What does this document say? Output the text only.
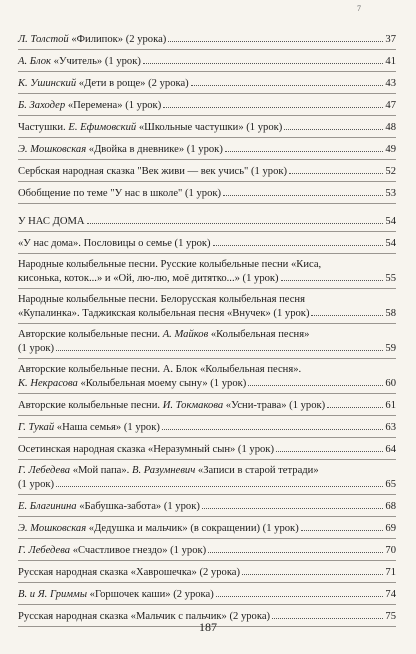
7
Л. Толстой «Филипок» (2 урока)	37
А. Блок «Учитель» (1 урок)	41
К. Ушинский «Дети в роще» (2 урока)	43
Б. Заходер «Перемена» (1 урок)	47
Частушки. Е. Ефимовский «Школьные частушки» (1 урок)	48
Э. Мошковская «Двойка в дневнике» (1 урок)	49
Сербская народная сказка "Век живи — век учись" (1 урок)	52
Обобщение по теме "У нас в школе" (1 урок)	53
У НАС ДОМА	54
«У нас дома». Пословицы о семье (1 урок)	54
Народные колыбельные песни. Русские колыбельные песни «Киса,
кисонька, коток...» и «Ой, лю-лю, моё дитятко...» (1 урок)	55
Народные колыбельные песни. Белорусская колыбельная песня
«Купалинка». Таджикская колыбельная песня «Внучек» (1 урок)	58
Авторские колыбельные песни. А. Майков «Колыбельная песня»
(1 урок)	59
Авторские колыбельные песни. А. Блок «Колыбельная песня».
К. Некрасова «Колыбельная моему сыну» (1 урок)	60
Авторские колыбельные песни. И. Токмакова «Усни-трава» (1 урок)	61
Г. Тукай «Наша семья» (1 урок)	63
Осетинская народная сказка «Неразумный сын» (1 урок)	64
Г. Лебедева «Мой папа». В. Разумневич «Записи в старой тетради»
(1 урок)	65
Е. Благинина «Бабушка-забота» (1 урок)	68
Э. Мошковская «Дедушка и мальчик» (в сокращении) (1 урок)	69
Г. Лебедева «Счастливое гнездо» (1 урок)	70
Русская народная сказка «Хаврошечка» (2 урока)	71
В. и Я. Гриммы «Горшочек каши» (2 урока)	74
Русская народная сказка «Мальчик с пальчик» (2 урока)	75
187
